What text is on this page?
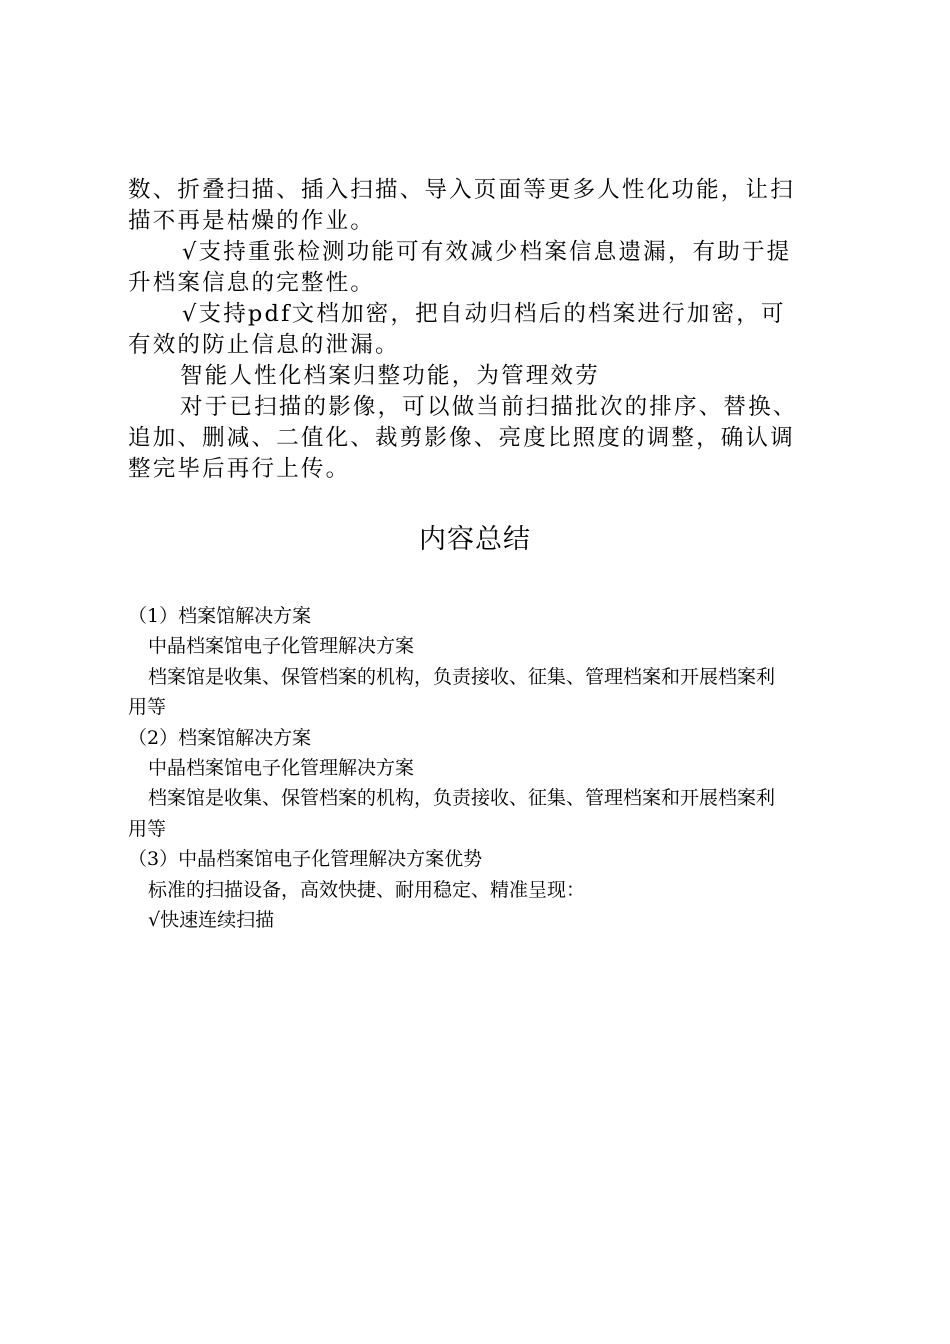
数、折叠扫描、插入扫描、导入页面等更多人性化功能，让扫
描不再是枯燥的作业。
√支持重张检测功能可有效减少档案信息遗漏，有助于提
升档案信息的完整性。
√支持pdf文档加密，把自动归档后的档案进行加密，可
有效的防止信息的泄漏。
智能人性化档案归整功能，为管理效劳
对于已扫描的影像，可以做当前扫描批次的排序、替换、
追加、删减、二值化、裁剪影像、亮度比照度的调整，确认调
整完毕后再行上传。
内容总结
（1）档案馆解决方案
中晶档案馆电子化管理解决方案
档案馆是收集、保管档案的机构，负责接收、征集、管理档案和开展档案利
用等
（2）档案馆解决方案
中晶档案馆电子化管理解决方案
档案馆是收集、保管档案的机构，负责接收、征集、管理档案和开展档案利
用等
（3）中晶档案馆电子化管理解决方案优势
标准的扫描设备，高效快捷、耐用稳定、精准呈现：
√快速连续扫描
